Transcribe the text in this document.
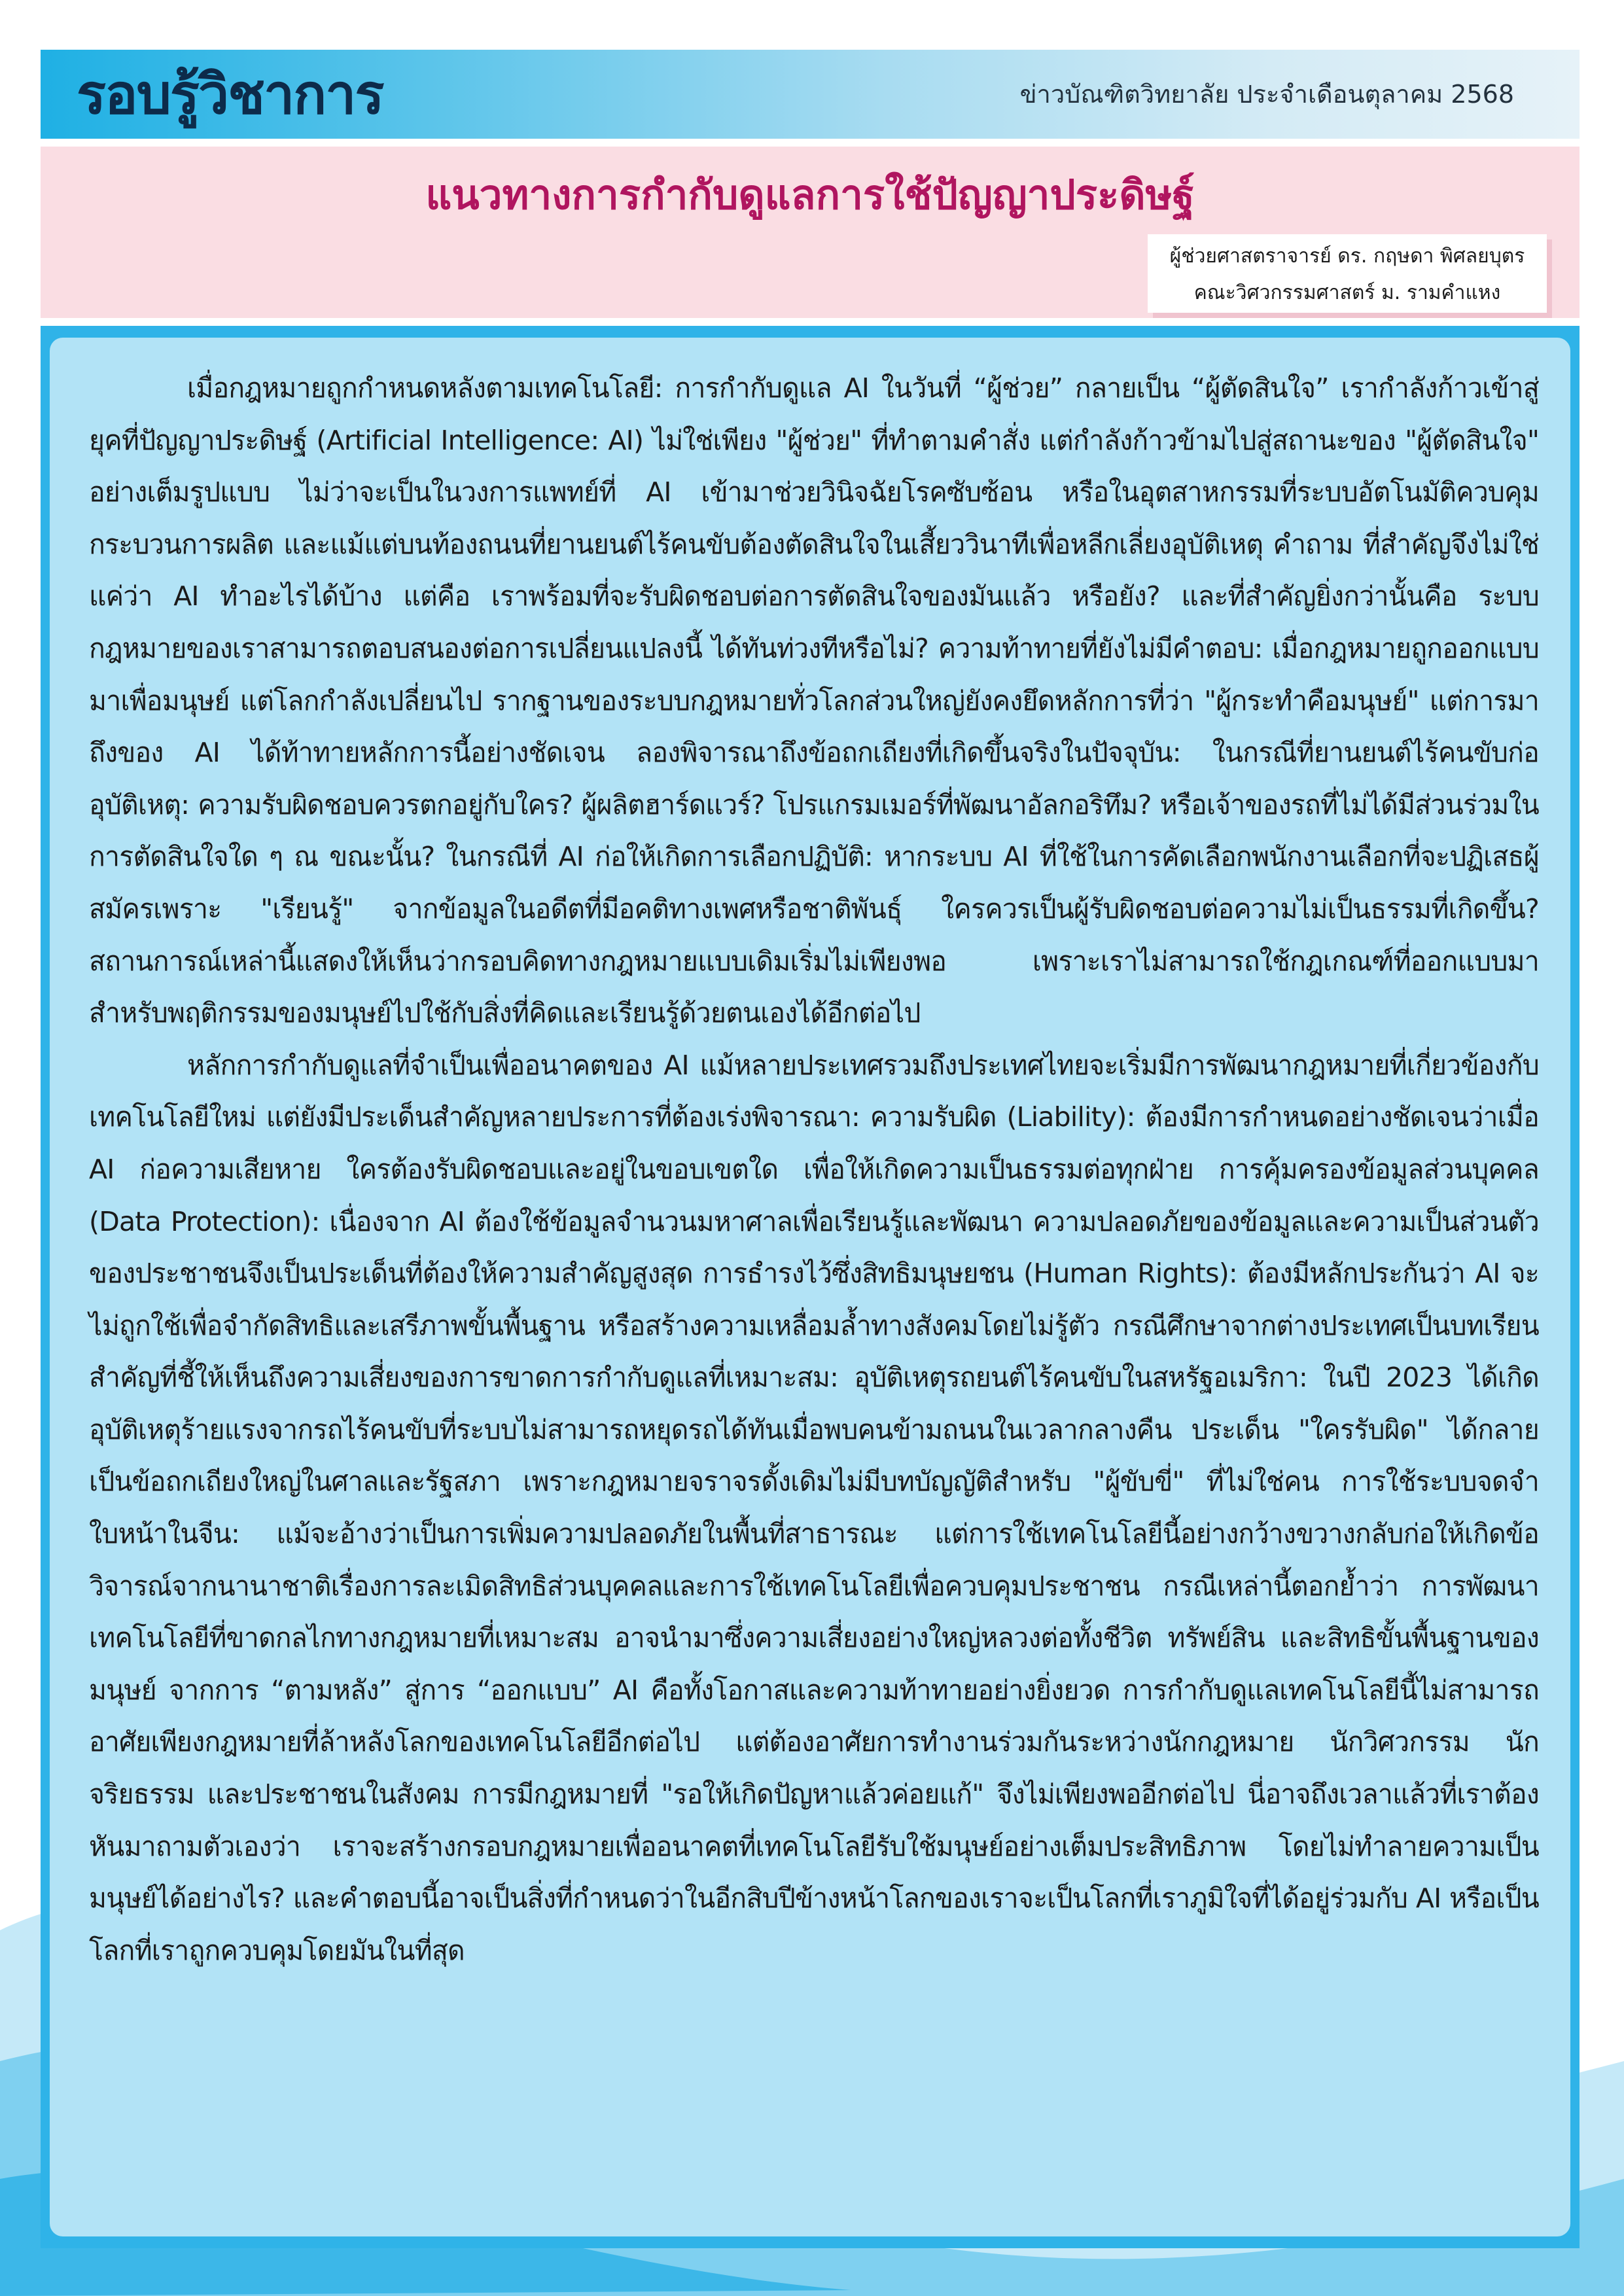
รอบรู้วิชาการ	ข่าวบัณฑิตวิทยาลัย ประจำเดือนตุลาคม 2568
แนวทางการกำกับดูแลการใช้ปัญญาประดิษฐ์
ผู้ช่วยศาสตราจารย์ ดร. กฤษดา พิศลยบุตร
คณะวิศวกรรมศาสตร์ ม. รามคำแหง

เมื่อกฎหมายถูกกำหนดหลังตามเทคโนโลยี: การกำกับดูแล AI ในวันที่ “ผู้ช่วย” กลายเป็น “ผู้ตัดสินใจ” เรากำลังก้าวเข้าสู่ยุคที่ปัญญาประดิษฐ์ (Artificial Intelligence: AI) ไม่ใช่เพียง "ผู้ช่วย" ที่ทำตามคำสั่ง แต่กำลังก้าวข้ามไปสู่สถานะของ "ผู้ตัดสินใจ" อย่างเต็มรูปแบบ ไม่ว่าจะเป็นในวงการแพทย์ที่ AI เข้ามาช่วยวินิจฉัยโรคซับซ้อน หรือในอุตสาหกรรมที่ระบบอัตโนมัติควบคุมกระบวนการผลิต และแม้แต่บนท้องถนนที่ยานยนต์ไร้คนขับต้องตัดสินใจในเสี้ยววินาทีเพื่อหลีกเลี่ยงอุบัติเหตุ คำถาม ที่สำคัญจึงไม่ใช่แค่ว่า AI ทำอะไรได้บ้าง แต่คือ เราพร้อมที่จะรับผิดชอบต่อการตัดสินใจของมันแล้ว หรือยัง? และที่สำคัญยิ่งกว่านั้นคือ ระบบกฎหมายของเราสามารถตอบสนองต่อการเปลี่ยนแปลงนี้ ได้ทันท่วงทีหรือไม่? ความท้าทายที่ยังไม่มีคำตอบ: เมื่อกฎหมายถูกออกแบบมาเพื่อมนุษย์ แต่โลกกำลังเปลี่ยนไป รากฐานของระบบกฎหมายทั่วโลกส่วนใหญ่ยังคงยึดหลักการที่ว่า "ผู้กระทำคือมนุษย์" แต่การมาถึงของ AI ได้ท้าทายหลักการนี้อย่างชัดเจน ลองพิจารณาถึงข้อถกเถียงที่เกิดขึ้นจริงในปัจจุบัน: ในกรณีที่ยานยนต์ไร้คนขับก่ออุบัติเหตุ: ความรับผิดชอบควรตกอยู่กับใคร? ผู้ผลิตฮาร์ดแวร์? โปรแกรมเมอร์ที่พัฒนาอัลกอริทึม? หรือเจ้าของรถที่ไม่ได้มีส่วนร่วมในการตัดสินใจใด ๆ ณ ขณะนั้น? ในกรณีที่ AI ก่อให้เกิดการเลือกปฏิบัติ: หากระบบ AI ที่ใช้ในการคัดเลือกพนักงานเลือกที่จะปฏิเสธผู้สมัครเพราะ "เรียนรู้" จากข้อมูลในอดีตที่มีอคติทางเพศหรือชาติพันธุ์ ใครควรเป็นผู้รับผิดชอบต่อความไม่เป็นธรรมที่เกิดขึ้น? สถานการณ์เหล่านี้แสดงให้เห็นว่ากรอบคิดทางกฎหมายแบบเดิมเริ่มไม่เพียงพอ เพราะเราไม่สามารถใช้กฎเกณฑ์ที่ออกแบบมาสำหรับพฤติกรรมของมนุษย์ไปใช้กับสิ่งที่คิดและเรียนรู้ด้วยตนเองได้อีกต่อไป

หลักการกำกับดูแลที่จำเป็นเพื่ออนาคตของ AI แม้หลายประเทศรวมถึงประเทศไทยจะเริ่มมีการพัฒนากฎหมายที่เกี่ยวข้องกับเทคโนโลยีใหม่ แต่ยังมีประเด็นสำคัญหลายประการที่ต้องเร่งพิจารณา: ความรับผิด (Liability): ต้องมีการกำหนดอย่างชัดเจนว่าเมื่อ AI ก่อความเสียหาย ใครต้องรับผิดชอบและอยู่ในขอบเขตใด เพื่อให้เกิดความเป็นธรรมต่อทุกฝ่าย การคุ้มครองข้อมูลส่วนบุคคล (Data Protection): เนื่องจาก AI ต้องใช้ข้อมูลจำนวนมหาศาลเพื่อเรียนรู้และพัฒนา ความปลอดภัยของข้อมูลและความเป็นส่วนตัวของประชาชนจึงเป็นประเด็นที่ต้องให้ความสำคัญสูงสุด การธำรงไว้ซึ่งสิทธิมนุษยชน (Human Rights): ต้องมีหลักประกันว่า AI จะไม่ถูกใช้เพื่อจำกัดสิทธิและเสรีภาพขั้นพื้นฐาน หรือสร้างความเหลื่อมล้ำทางสังคมโดยไม่รู้ตัว กรณีศึกษาจากต่างประเทศเป็นบทเรียนสำคัญที่ชี้ให้เห็นถึงความเสี่ยงของการขาดการกำกับดูแลที่เหมาะสม: อุบัติเหตุรถยนต์ไร้คนขับในสหรัฐอเมริกา: ในปี 2023 ได้เกิดอุบัติเหตุร้ายแรงจากรถไร้คนขับที่ระบบไม่สามารถหยุดรถได้ทันเมื่อพบคนข้ามถนนในเวลากลางคืน ประเด็น "ใครรับผิด" ได้กลายเป็นข้อถกเถียงใหญ่ในศาลและรัฐสภา เพราะกฎหมายจราจรดั้งเดิมไม่มีบทบัญญัติสำหรับ "ผู้ขับขี่" ที่ไม่ใช่คน การใช้ระบบจดจำใบหน้าในจีน: แม้จะอ้างว่าเป็นการเพิ่มความปลอดภัยในพื้นที่สาธารณะ แต่การใช้เทคโนโลยีนี้อย่างกว้างขวางกลับก่อให้เกิดข้อวิจารณ์จากนานาชาติเรื่องการละเมิดสิทธิส่วนบุคคลและการใช้เทคโนโลยีเพื่อควบคุมประชาชน กรณีเหล่านี้ตอกย้ำว่า การพัฒนาเทคโนโลยีที่ขาดกลไกทางกฎหมายที่เหมาะสม อาจนำมาซึ่งความเสี่ยงอย่างใหญ่หลวงต่อทั้งชีวิต ทรัพย์สิน และสิทธิขั้นพื้นฐานของมนุษย์ จากการ “ตามหลัง” สู่การ “ออกแบบ” AI คือทั้งโอกาสและความท้าทายอย่างยิ่งยวด การกำกับดูแลเทคโนโลยีนี้ไม่สามารถอาศัยเพียงกฎหมายที่ล้าหลังโลกของเทคโนโลยีอีกต่อไป แต่ต้องอาศัยการทำงานร่วมกันระหว่างนักกฎหมาย นักวิศวกรรม นักจริยธรรม และประชาชนในสังคม การมีกฎหมายที่ "รอให้เกิดปัญหาแล้วค่อยแก้" จึงไม่เพียงพออีกต่อไป นี่อาจถึงเวลาแล้วที่เราต้องหันมาถามตัวเองว่า เราจะสร้างกรอบกฎหมายเพื่ออนาคตที่เทคโนโลยีรับใช้มนุษย์อย่างเต็มประสิทธิภาพ โดยไม่ทำลายความเป็นมนุษย์ได้อย่างไร? และคำตอบนี้อาจเป็นสิ่งที่กำหนดว่าในอีกสิบปีข้างหน้าโลกของเราจะเป็นโลกที่เราภูมิใจที่ได้อยู่ร่วมกับ AI หรือเป็นโลกที่เราถูกควบคุมโดยมันในที่สุด
